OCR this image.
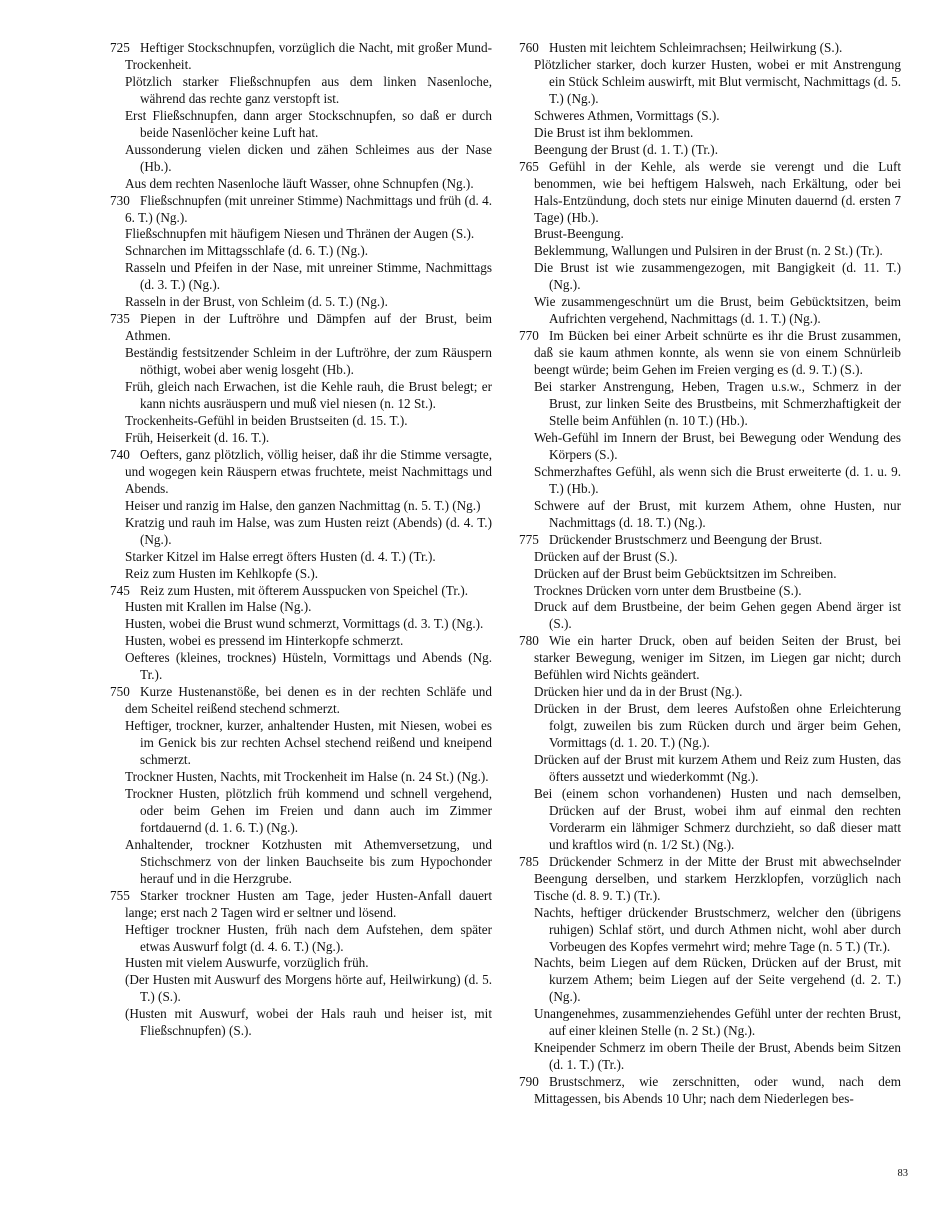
725 Heftiger Stockschnupfen, vorzüglich die Nacht, mit großer Mund-Trockenheit.

Plötzlich starker Fließschnupfen aus dem linken Nasenloche, während das rechte ganz verstopft ist.

Erst Fließschnupfen, dann arger Stockschnupfen, so daß er durch beide Nasenlöcher keine Luft hat.

Aussonderung vielen dicken und zähen Schleimes aus der Nase (Hb.).

Aus dem rechten Nasenloche läuft Wasser, ohne Schnupfen (Ng.).

730 Fließschnupfen (mit unreiner Stimme) Nachmittags und früh (d. 4. 6. T.) (Ng.).

Fließschnupfen mit häufigem Niesen und Thränen der Augen (S.).

Schnarchen im Mittagsschlafe (d. 6. T.) (Ng.).

Rasseln und Pfeifen in der Nase, mit unreiner Stimme, Nachmittags (d. 3. T.) (Ng.).

Rasseln in der Brust, von Schleim (d. 5. T.) (Ng.).

735 Piepen in der Luftröhre und Dämpfen auf der Brust, beim Athmen.

Beständig festsitzender Schleim in der Luftröhre, der zum Räuspern nöthigt, wobei aber wenig losgeht (Hb.).

Früh, gleich nach Erwachen, ist die Kehle rauh, die Brust belegt; er kann nichts ausräuspern und muß viel niesen (n. 12 St.).

Trockenheits-Gefühl in beiden Brustseiten (d. 15. T.).

Früh, Heiserkeit (d. 16. T.).

740 Oefters, ganz plötzlich, völlig heiser, daß ihr die Stimme versagte, und wogegen kein Räuspern etwas fruchtete, meist Nachmittags und Abends.

Heiser und ranzig im Halse, den ganzen Nachmittag (n. 5. T.) (Ng.)

Kratzig und rauh im Halse, was zum Husten reizt (Abends) (d. 4. T.) (Ng.).

Starker Kitzel im Halse erregt öfters Husten (d. 4. T.) (Tr.).

Reiz zum Husten im Kehlkopfe (S.).

745 Reiz zum Husten, mit öfterem Ausspucken von Speichel (Tr.).

Husten mit Krallen im Halse (Ng.).

Husten, wobei die Brust wund schmerzt, Vormittags (d. 3. T.) (Ng.).

Husten, wobei es pressend im Hinterkopfe schmerzt.

Oefteres (kleines, trocknes) Hüsteln, Vormittags und Abends (Ng. Tr.).

750 Kurze Hustenanstöße, bei denen es in der rechten Schläfe und dem Scheitel reißend stechend schmerzt.

Heftiger, trockner, kurzer, anhaltender Husten, mit Niesen, wobei es im Genick bis zur rechten Achsel stechend reißend und kneipend schmerzt.

Trockner Husten, Nachts, mit Trockenheit im Halse (n. 24 St.) (Ng.).

Trockner Husten, plötzlich früh kommend und schnell vergehend, oder beim Gehen im Freien und dann auch im Zimmer fortdauernd (d. 1. 6. T.) (Ng.).

Anhaltender, trockner Kotzhusten mit Athemversetzung, und Stichschmerz von der linken Bauchseite bis zum Hypochonder herauf und in die Herzgrube.

755 Starker trockner Husten am Tage, jeder Husten-Anfall dauert lange; erst nach 2 Tagen wird er seltner und lösend.

Heftiger trockner Husten, früh nach dem Aufstehen, dem später etwas Auswurf folgt (d. 4. 6. T.) (Ng.).

Husten mit vielem Auswurfe, vorzüglich früh.

(Der Husten mit Auswurf des Morgens hörte auf, Heilwirkung) (d. 5. T.) (S.).

(Husten mit Auswurf, wobei der Hals rauh und heiser ist, mit Fließschnupfen) (S.).

760 Husten mit leichtem Schleimrachsen; Heilwirkung (S.).

Plötzlicher starker, doch kurzer Husten, wobei er mit Anstrengung ein Stück Schleim auswirft, mit Blut vermischt, Nachmittags (d. 5. T.) (Ng.).

Schweres Athmen, Vormittags (S.).

Die Brust ist ihm beklommen.

Beengung der Brust (d. 1. T.) (Tr.).

765 Gefühl in der Kehle, als werde sie verengt und die Luft benommen, wie bei heftigem Halsweh, nach Erkältung, oder bei Hals-Entzündung, doch stets nur einige Minuten dauernd (d. ersten 7 Tage) (Hb.).

Brust-Beengung.

Beklemmung, Wallungen und Pulsiren in der Brust (n. 2 St.) (Tr.).

Die Brust ist wie zusammengezogen, mit Bangigkeit (d. 11. T.) (Ng.).

Wie zusammengeschnürt um die Brust, beim Gebücktsitzen, beim Aufrichten vergehend, Nachmittags (d. 1. T.) (Ng.).

770 Im Bücken bei einer Arbeit schnürte es ihr die Brust zusammen, daß sie kaum athmen konnte, als wenn sie von einem Schnürleib beengt würde; beim Gehen im Freien verging es (d. 9. T.) (S.).

Bei starker Anstrengung, Heben, Tragen u.s.w., Schmerz in der Brust, zur linken Seite des Brustbeins, mit Schmerzhaftigkeit der Stelle beim Anfühlen (n. 10 T.) (Hb.).

Weh-Gefühl im Innern der Brust, bei Bewegung oder Wendung des Körpers (S.).

Schmerzhaftes Gefühl, als wenn sich die Brust erweiterte (d. 1. u. 9. T.) (Hb.).

Schwere auf der Brust, mit kurzem Athem, ohne Husten, nur Nachmittags (d. 18. T.) (Ng.).

775 Drückender Brustschmerz und Beengung der Brust.

Drücken auf der Brust (S.).

Drücken auf der Brust beim Gebücktsitzen im Schreiben.

Trocknes Drücken vorn unter dem Brustbeine (S.).

Druck auf dem Brustbeine, der beim Gehen gegen Abend ärger ist (S.).

780 Wie ein harter Druck, oben auf beiden Seiten der Brust, bei starker Bewegung, weniger im Sitzen, im Liegen gar nicht; durch Befühlen wird Nichts geändert.

Drücken hier und da in der Brust (Ng.).

Drücken in der Brust, dem leeres Aufstoßen ohne Erleichterung folgt, zuweilen bis zum Rücken durch und ärger beim Gehen, Vormittags (d. 1. 20. T.) (Ng.).

Drücken auf der Brust mit kurzem Athem und Reiz zum Husten, das öfters aussetzt und wiederkommt (Ng.).

Bei (einem schon vorhandenen) Husten und nach demselben, Drücken auf der Brust, wobei ihm auf einmal den rechten Vorderarm ein lähmiger Schmerz durchzieht, so daß dieser matt und kraftlos wird (n. 1/2 St.) (Ng.).

785 Drückender Schmerz in der Mitte der Brust mit abwechselnder Beengung derselben, und starkem Herzklopfen, vorzüglich nach Tische (d. 8. 9. T.) (Tr.).

Nachts, heftiger drückender Brustschmerz, welcher den (übrigens ruhigen) Schlaf stört, und durch Athmen nicht, wohl aber durch Vorbeugen des Kopfes vermehrt wird; mehre Tage (n. 5 T.) (Tr.).

Nachts, beim Liegen auf dem Rücken, Drücken auf der Brust, mit kurzem Athem; beim Liegen auf der Seite vergehend (d. 2. T.) (Ng.).

Unangenehmes, zusammenziehendes Gefühl unter der rechten Brust, auf einer kleinen Stelle (n. 2 St.) (Ng.).

Kneipender Schmerz im obern Theile der Brust, Abends beim Sitzen (d. 1. T.) (Tr.).

790 Brustschmerz, wie zerschnitten, oder wund, nach dem Mittagessen, bis Abends 10 Uhr; nach dem Niederlegen bes-

83
